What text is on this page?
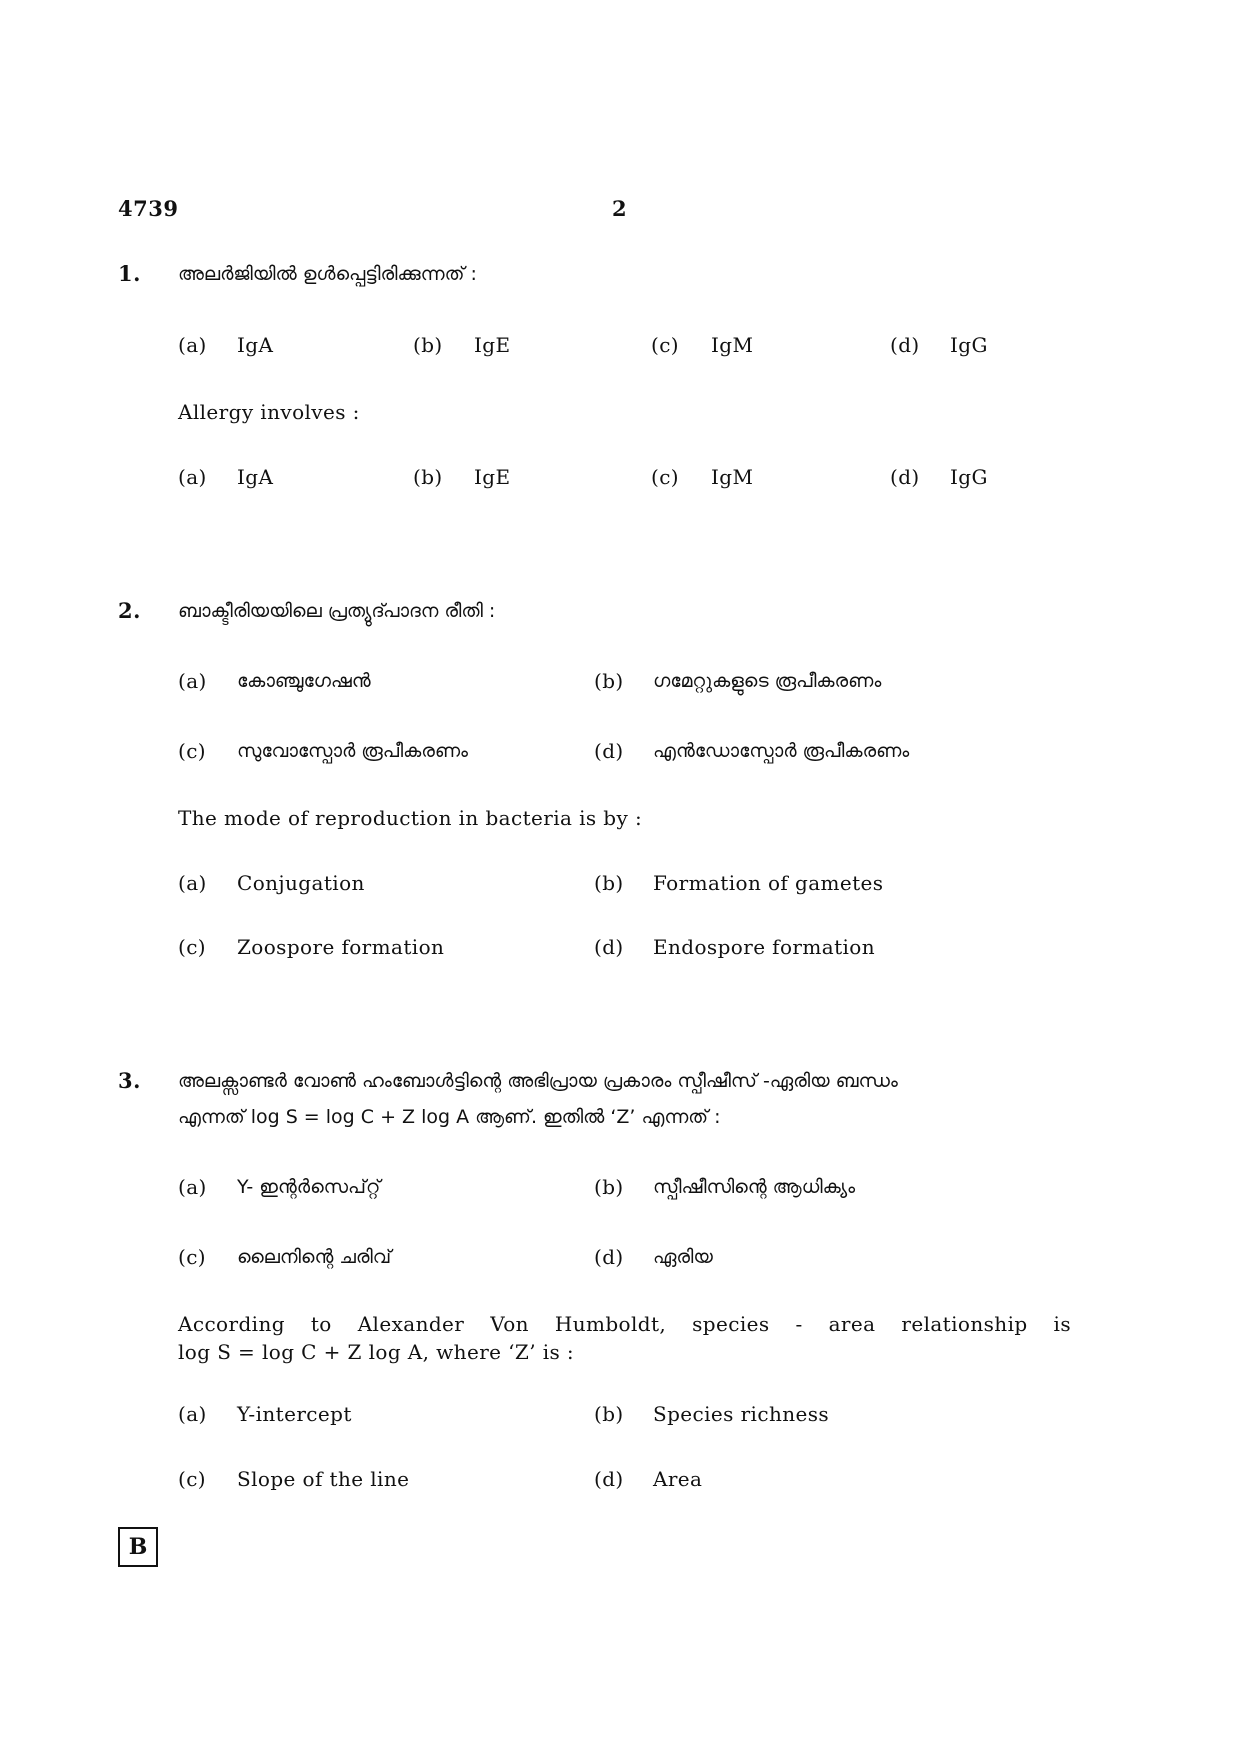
4739	2
1. അലർജിയിൽ ഉൾപ്പെട്ടിരിക്കുന്നത് :
(a) IgA	(b) IgE	(c) IgM	(d) IgG
Allergy involves :
(a) IgA	(b) IgE	(c) IgM	(d) IgG
2. ബാക്ടീരിയയിലെ പ്രത്യുദ്പാദന രീതി :
(a) കോഞ്ചുഗേഷൻ	(b) ഗമേറ്റുകളുടെ രൂപീകരണം
(c) സുവോസ്പോർ രൂപീകരണം	(d) എൻഡോസ്പോർ രൂപീകരണം
The mode of reproduction in bacteria is by :
(a) Conjugation	(b) Formation of gametes
(c) Zoospore formation	(d) Endospore formation
3. അലക്സാണ്ടർ വോൺ ഹംബോൾട്ടിന്റെ അഭിപ്രായ പ്രകാരം സ്പീഷീസ് -ഏരിയ ബന്ധം
എന്നത് log S = log C + Z log A ആണ്. ഇതിൽ ‘Z’ എന്നത് :
(a) Y- ഇന്റർസെപ്റ്റ്	(b) സ്പീഷീസിന്റെ ആധിക്യം
(c) ലൈനിന്റെ ചരിവ്	(d) ഏരിയ
According to Alexander Von Humboldt, species - area relationship is
log S = log C + Z log A, where ‘Z’ is :
(a) Y-intercept	(b) Species richness
(c) Slope of the line	(d) Area
B
